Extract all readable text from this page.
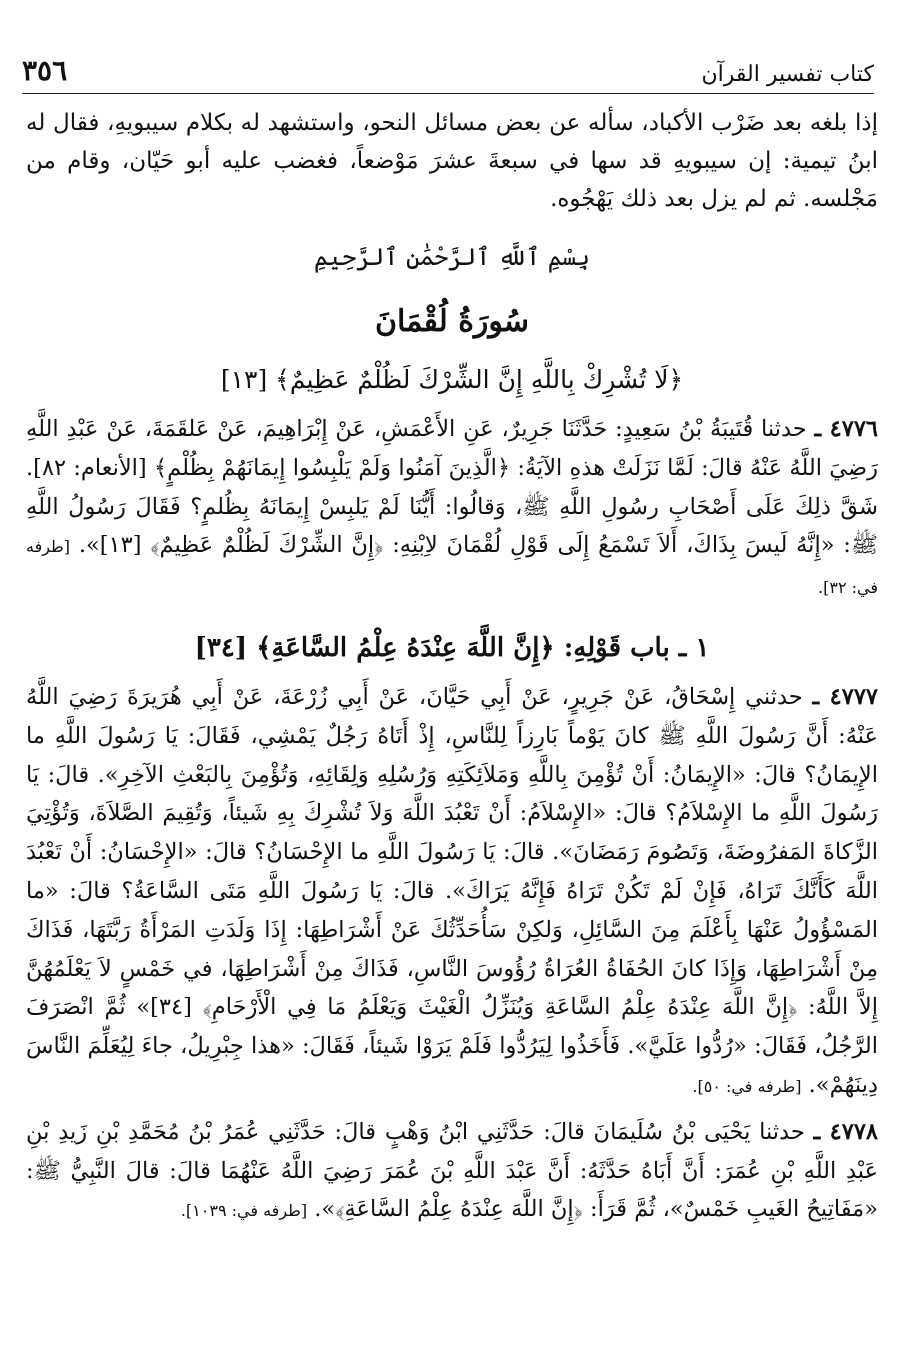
٣٥٦	كتاب تفسير القرآن

إذا بلغه بعد ضَرْب الأكباد، سأله عن بعض مسائل النحو، واستشهد له بكلام سيبويهِ، فقال له ابنُ تيمية: إن سيبويهِ قد سها في سبعةَ عشرَ مَوْضعاً، فغضب عليه أبو حَيّان، وقام من مَجْلسه. ثم لم يزل بعد ذلك يَهْجُوه.

بِسْمِ ٱللَّهِ ٱلرَّحْمَٰنِ ٱلرَّحِيمِ
سُورَةُ لُقْمَانَ
﴿لَا تُشْرِكْ بِاللَّهِ إِنَّ الشِّرْكَ لَظُلْمٌ عَظِيمٌ﴾ [١٣]

٤٧٧٦ ـ حدثنا قُتَيبَةُ بْنُ سَعِيدٍ: حَدَّثَنَا جَرِيرٌ، عَنِ الأَعْمَشِ، عَنْ إِبْرَاهِيمَ، عَنْ عَلقَمَةَ، عَنْ عَبْدِ اللَّهِ رَضِيَ اللَّهُ عَنْهُ قالَ: لَمَّا نَزَلَتْ هذهِ الآيَةُ: ﴿الَّذِينَ آمَنُوا وَلَمْ يَلْبِسُوا إِيمَانَهُمْ بِظُلْمٍ﴾ [الأنعام: ٨٢]. شَقَّ ذلِكَ عَلَى أَصْحَابِ رسُولِ اللَّهِ ﷺ، وَقالُوا: أَيُّنَا لَمْ يَلبِسْ إِيمَانَهُ بِظُلمٍ؟ فَقَالَ رَسُولُ اللَّهِ ﷺ: «إِنَّهُ لَيسَ بِذَاكَ، أَلاَ تَسْمَعُ إِلَى قَوْلِ لُقْمَانَ لاِبْنِهِ: ﴿إِنَّ الشِّرْكَ لَظُلْمٌ عَظِيمٌ﴾ [١٣]». [طرفه في: ٣٢].

١ ـ باب قَوْلِهِ: ﴿إِنَّ اللَّهَ عِنْدَهُ عِلْمُ السَّاعَةِ﴾ [٣٤]

٤٧٧٧ ـ حدثني إِسْحَاقُ، عَنْ جَرِيرٍ، عَنْ أَبِي حَيَّانَ، عَنْ أَبِي زُرْعَةَ، عَنْ أَبِي هُرَيرَةَ رَضِيَ اللَّهُ عَنْهُ: أَنَّ رَسُولَ اللَّهِ ﷺ كانَ يَوْماً بَارِزاً لِلنَّاسِ، إِذْ أَتَاهُ رَجُلٌ يَمْشِي، فَقَالَ: يَا رَسُولَ اللَّهِ ما الإِيمَانُ؟ قالَ: «الإِيمَانُ: أَنْ تُؤْمِنَ بِاللَّهِ وَمَلاَئِكَتِهِ وَرُسُلِهِ وَلِقَائِهِ، وَتُؤْمِنَ بِالبَعْثِ الآخِرِ». قالَ: يَا رَسُولَ اللَّهِ ما الإِسْلاَمُ؟ قالَ: «الإِسْلاَمُ: أَنْ تَعْبُدَ اللَّهَ وَلاَ تُشْرِكَ بِهِ شَيئاً، وَتُقِيمَ الصَّلاَةَ، وَتُؤْتِيَ الزَّكاةَ المَفرُوضَةَ، وَتَصُومَ رَمَضَانَ». قالَ: يَا رَسُولَ اللَّهِ ما الإِحْسَانُ؟ قالَ: «الإِحْسَانُ: أَنْ تَعْبُدَ اللَّهَ كَأَنَّكَ تَرَاهُ، فَإِنْ لَمْ تَكُنْ تَرَاهُ فَإِنَّهُ يَرَاكَ». قالَ: يَا رَسُولَ اللَّهِ مَتَى السَّاعَةُ؟ قالَ: «ما المَسْؤُولُ عَنْهَا بِأَعْلَمَ مِنَ السَّائِلِ، وَلكِنْ سَأُحَدِّثُكَ عَنْ أَشْرَاطِهَا: إِذَا وَلَدَتِ المَرْأَةُ رَبَّتَهَا، فَذَاكَ مِنْ أَشْرَاطِهَا، وَإِذَا كانَ الحُفَاةُ العُرَاةُ رُؤُوسَ النَّاسِ، فَذَاكَ مِنْ أَشْرَاطِهَا، في خَمْسٍ لاَ يَعْلَمُهُنَّ إِلاَّ اللَّهُ: ﴿إِنَّ اللَّهَ عِنْدَهُ عِلْمُ السَّاعَةِ وَيُنَزِّلُ الْغَيْثَ وَيَعْلَمُ مَا فِي الْأَرْحَامِ﴾ [٣٤]» ثُمَّ انْصَرَفَ الرَّجُلُ، فَقَالَ: «رُدُّوا عَلَيَّ». فَأَخَذُوا لِيَرُدُّوا فَلَمْ يَرَوْا شَيئاً، فَقَالَ: «هذا جِبْرِيلُ، جاءَ لِيُعَلِّمَ النَّاسَ دِينَهُمْ». [طرفه في: ٥٠].

٤٧٧٨ ـ حدثنا يَحْيَى بْنُ سُلَيمَانَ قالَ: حَدَّثَنِي ابْنُ وَهْبٍ قالَ: حَدَّثَنِي عُمَرُ بْنُ مُحَمَّدِ بْنِ زَيدِ بْنِ عَبْدِ اللَّهِ بْنِ عُمَرَ: أَنَّ أَبَاهُ حَدَّثَهُ: أَنَّ عَبْدَ اللَّهِ بْنَ عُمَرَ رَضِيَ اللَّهُ عَنْهُمَا قالَ: قالَ النَّبِيُّ ﷺ: «مَفَاتِيحُ الغَيبِ خَمْسٌ»، ثُمَّ قَرَأَ: ﴿إِنَّ اللَّهَ عِنْدَهُ عِلْمُ السَّاعَةِ﴾». [طرفه في: ١٠٣٩].
